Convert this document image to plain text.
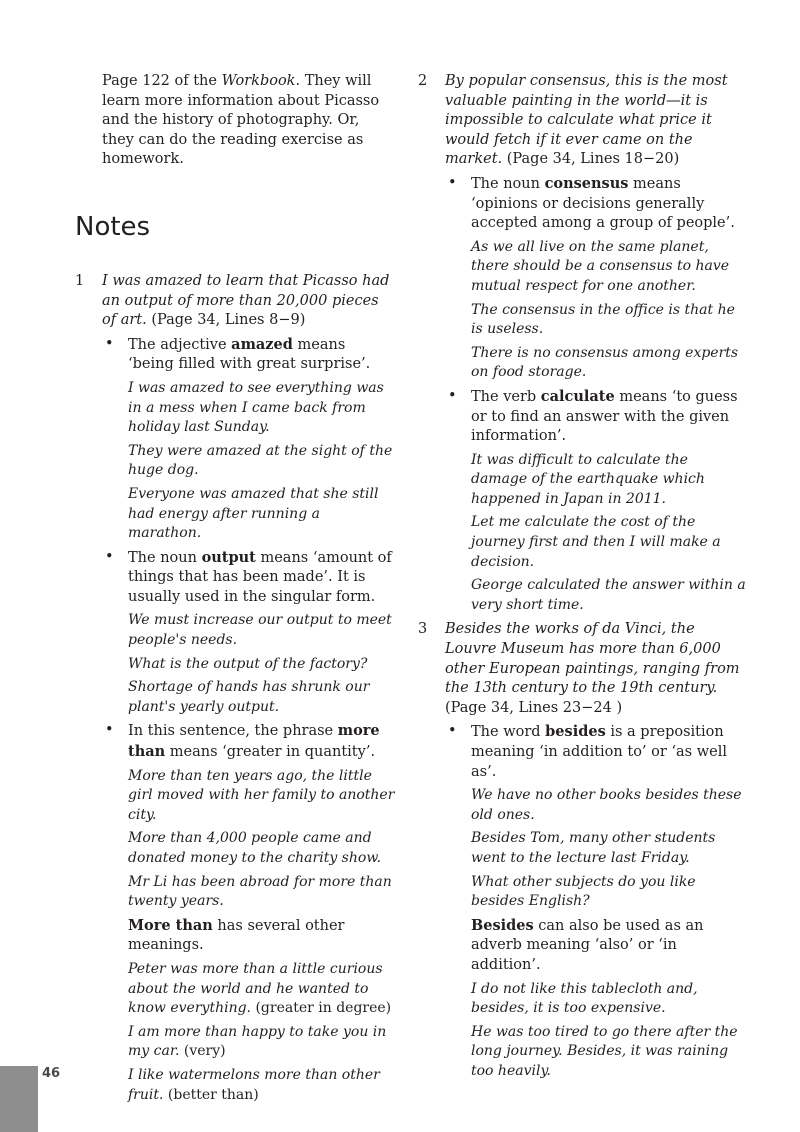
Page 122 of the Workbook. They will learn more information about Picasso and the history of photography. Or, they can do the reading exercise as homework.

Notes
1 I was amazed to learn that Picasso had an output of more than 20,000 pieces of art. (Page 34, Lines 8−9)

• The adjective amazed means ‘being filled with great surprise’.

I was amazed to see everything was in a mess when I came back from holiday last Sunday.

They were amazed at the sight of the huge dog.

Everyone was amazed that she still had energy after running a marathon.

• The noun output means ‘amount of things that has been made’. It is usually used in the singular form.

We must increase our output to meet people's needs.

What is the output of the factory?

Shortage of hands has shrunk our plant's yearly output.

• In this sentence, the phrase more than means ‘greater in quantity’.

More than ten years ago, the little girl moved with her family to another city.

More than 4,000 people came and donated money to the charity show.

Mr Li has been abroad for more than twenty years.

More than has several other meanings.

Peter was more than a little curious about the world and he wanted to know everything. (greater in degree)

I am more than happy to take you in my car. (very)

I like watermelons more than other fruit. (better than)

2 By popular consensus, this is the most valuable painting in the world—it is impossible to calculate what price it would fetch if it ever came on the market. (Page 34, Lines 18−20)

• The noun consensus means ‘opinions or decisions generally accepted among a group of people’.

As we all live on the same planet, there should be a consensus to have mutual respect for one another.

The consensus in the office is that he is useless.

There is no consensus among experts on food storage.

• The verb calculate means ‘to guess or to find an answer with the given information’.

It was difficult to calculate the damage of the earthquake which happened in Japan in 2011.

Let me calculate the cost of the journey first and then I will make a decision.

George calculated the answer within a very short time.

3 Besides the works of da Vinci, the Louvre Museum has more than 6,000 other European paintings, ranging from the 13th century to the 19th century. (Page 34, Lines 23−24 )

• The word besides is a preposition meaning ‘in addition to’ or ‘as well as’.

We have no other books besides these old ones.

Besides Tom, many other students went to the lecture last Friday.

What other subjects do you like besides English?

Besides can also be used as an adverb meaning ‘also’ or ‘in addition’.

I do not like this tablecloth and, besides, it is too expensive.

He was too tired to go there after the long journey. Besides, it was raining too heavily.

46
